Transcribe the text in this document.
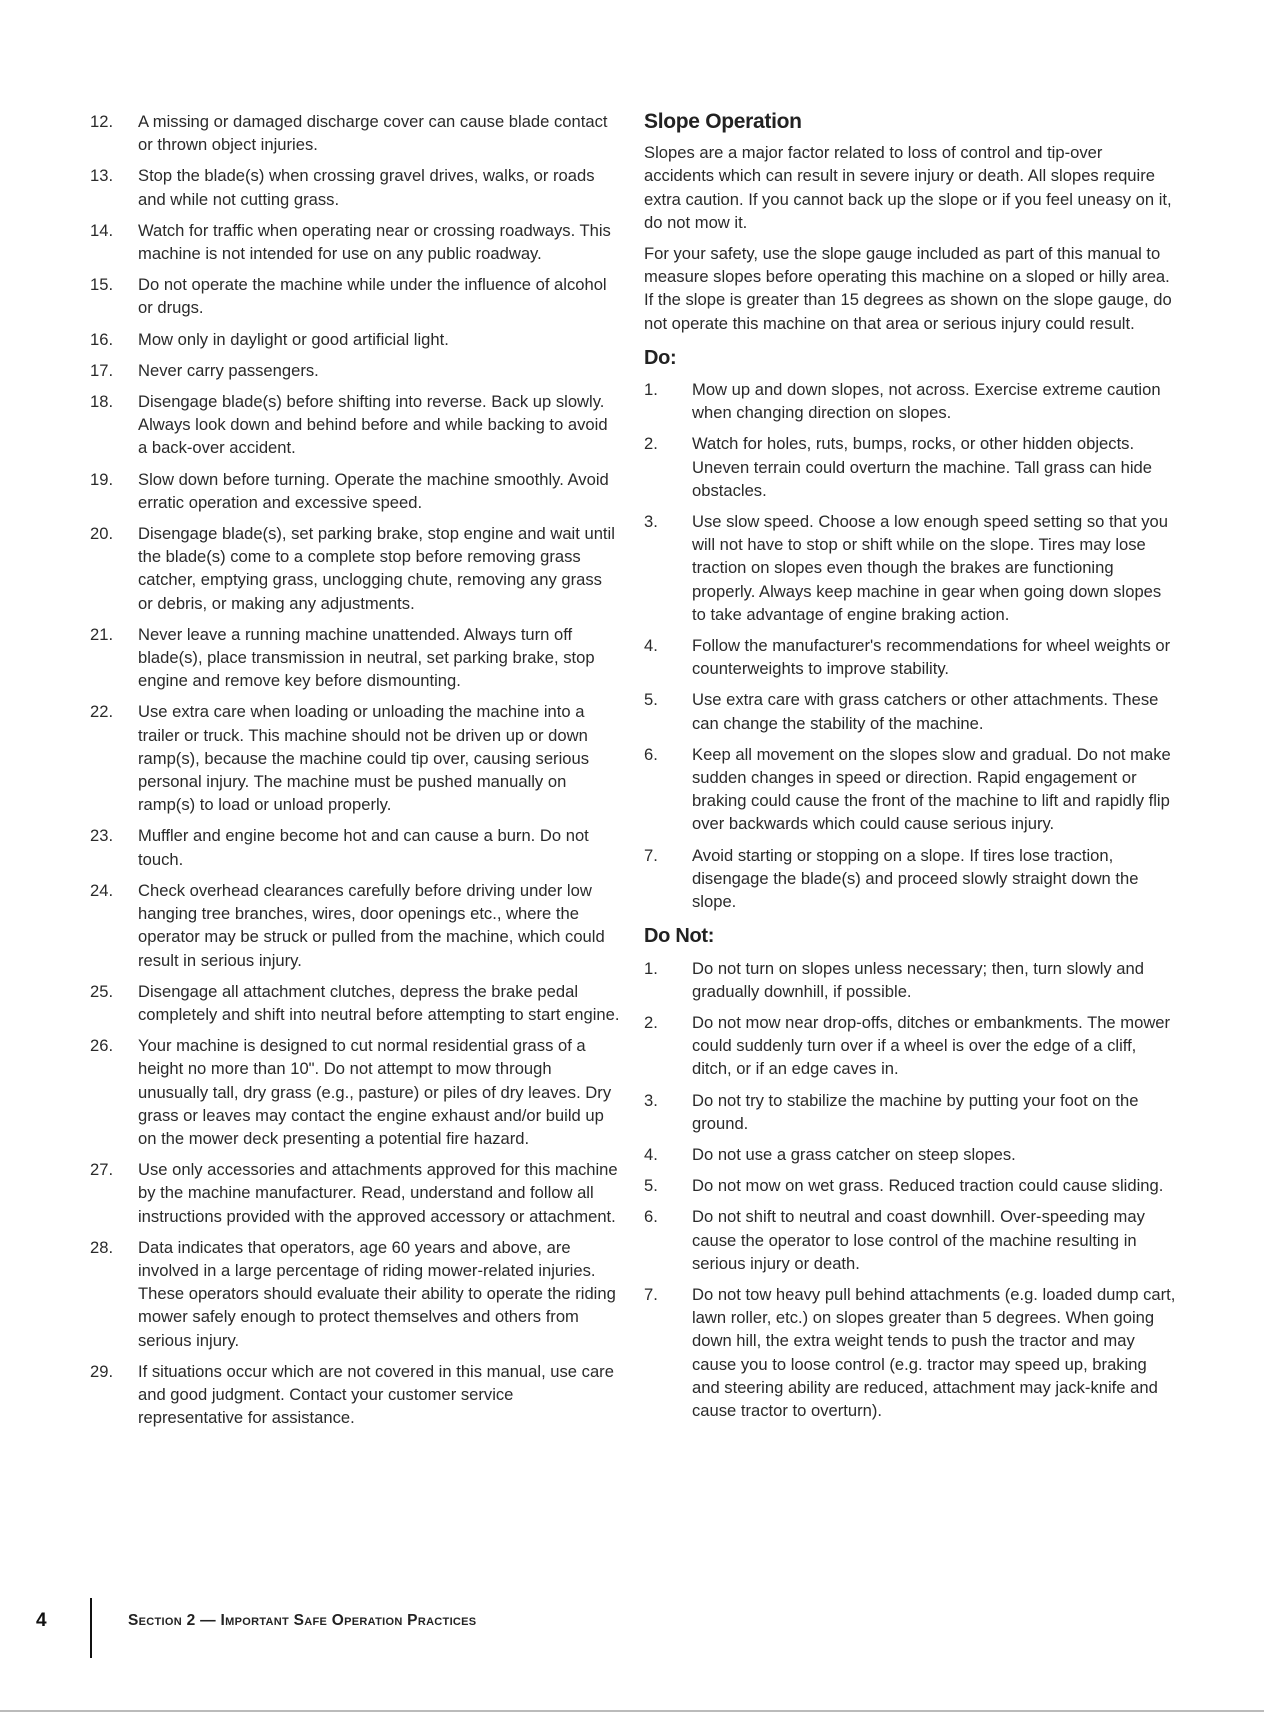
12.	A missing or damaged discharge cover can cause blade contact or thrown object injuries.
13.	Stop the blade(s) when crossing gravel drives, walks, or roads and while not cutting grass.
14.	Watch for traffic when operating near or crossing roadways. This machine is not intended for use on any public roadway.
15.	Do not operate the machine while under the influence of alcohol or drugs.
16.	Mow only in daylight or good artificial light.
17.	Never carry passengers.
18.	Disengage blade(s) before shifting into reverse. Back up slowly. Always look down and behind before and while backing to avoid a back-over accident.
19.	Slow down before turning. Operate the machine smoothly. Avoid erratic operation and excessive speed.
20.	Disengage blade(s), set parking brake, stop engine and wait until the blade(s) come to a complete stop before removing grass catcher, emptying grass, unclogging chute, removing any grass or debris, or making any adjustments.
21.	Never leave a running machine unattended. Always turn off blade(s), place transmission in neutral, set parking brake, stop engine and remove key before dismounting.
22.	Use extra care when loading or unloading the machine into a trailer or truck. This machine should not be driven up or down ramp(s), because the machine could tip over, causing serious personal injury. The machine must be pushed manually on ramp(s) to load or unload properly.
23.	Muffler and engine become hot and can cause a burn. Do not touch.
24.	Check overhead clearances carefully before driving under low hanging tree branches, wires, door openings etc., where the operator may be struck or pulled from the machine, which could result in serious injury.
25.	Disengage all attachment clutches, depress the brake pedal completely and shift into neutral before attempting to start engine.
26.	Your machine is designed to cut normal residential grass of a height no more than 10". Do not attempt to mow through unusually tall, dry grass (e.g., pasture) or piles of dry leaves. Dry grass or leaves may contact the engine exhaust and/or build up on the mower deck presenting a potential fire hazard.
27.	Use only accessories and attachments approved for this machine by the machine manufacturer. Read, understand and follow all instructions provided with the approved accessory or attachment.
28.	Data indicates that operators, age 60 years and above, are involved in a large percentage of riding mower-related injuries. These operators should evaluate their ability to operate the riding mower safely enough to protect themselves and others from serious injury.
29.	If situations occur which are not covered in this manual, use care and good judgment. Contact your customer service representative for assistance.
Slope Operation

Slopes are a major factor related to loss of control and tip-over accidents which can result in severe injury or death. All slopes require extra caution. If you cannot back up the slope or if you feel uneasy on it, do not mow it.

For your safety, use the slope gauge included as part of this manual to measure slopes before operating this machine on a sloped or hilly area. If the slope is greater than 15 degrees as shown on the slope gauge, do not operate this machine on that area or serious injury could result.

Do:
1.	Mow up and down slopes, not across. Exercise extreme caution when changing direction on slopes.
2.	Watch for holes, ruts, bumps, rocks, or other hidden objects. Uneven terrain could overturn the machine. Tall grass can hide obstacles.
3.	Use slow speed. Choose a low enough speed setting so that you will not have to stop or shift while on the slope. Tires may lose traction on slopes even though the brakes are functioning properly. Always keep machine in gear when going down slopes to take advantage of engine braking action.
4.	Follow the manufacturer's recommendations for wheel weights or counterweights to improve stability.
5.	Use extra care with grass catchers or other attachments. These can change the stability of the machine.
6.	Keep all movement on the slopes slow and gradual. Do not make sudden changes in speed or direction. Rapid engagement or braking could cause the front of the machine to lift and rapidly flip over backwards which could cause serious injury.
7.	Avoid starting or stopping on a slope. If tires lose traction, disengage the blade(s) and proceed slowly straight down the slope.
Do Not:
1.	Do not turn on slopes unless necessary; then, turn slowly and gradually downhill, if possible.
2.	Do not mow near drop-offs, ditches or embankments. The mower could suddenly turn over if a wheel is over the edge of a cliff, ditch, or if an edge caves in.
3.	Do not try to stabilize the machine by putting your foot on the ground.
4.	Do not use a grass catcher on steep slopes.
5.	Do not mow on wet grass. Reduced traction could cause sliding.
6.	Do not shift to neutral and coast downhill. Over-speeding may cause the operator to lose control of the machine resulting in serious injury or death.
7.	Do not tow heavy pull behind attachments (e.g. loaded dump cart, lawn roller, etc.) on slopes greater than 5 degrees. When going down hill, the extra weight tends to push the tractor and may cause you to loose control (e.g. tractor may speed up, braking and steering ability are reduced, attachment may jack-knife and cause tractor to overturn).
4	Section 2 — Important Safe Operation Practices
